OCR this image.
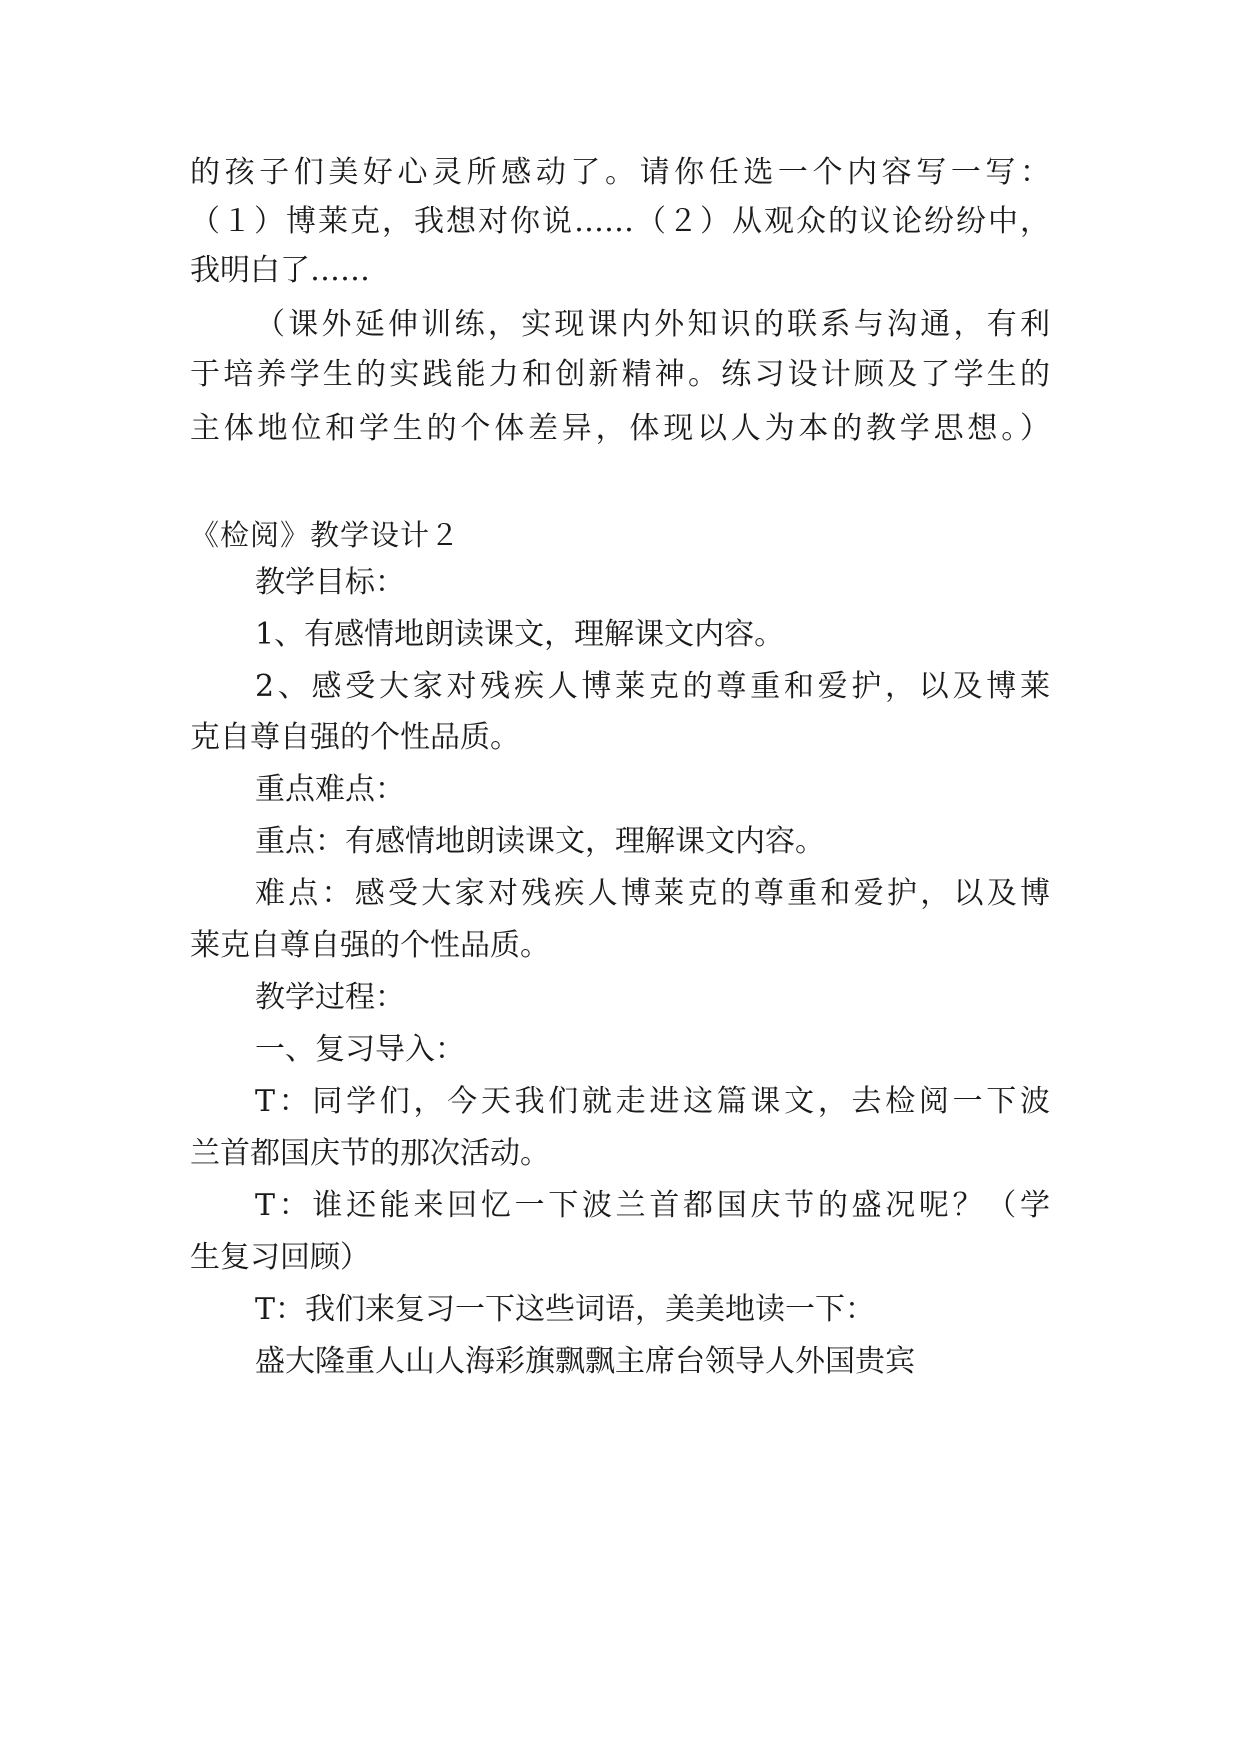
的孩子们美好心灵所感动了。请你任选一个内容写一写：
（１）博莱克，我想对你说……（２）从观众的议论纷纷中，
我明白了……
（课外延伸训练，实现课内外知识的联系与沟通，有利
于培养学生的实践能力和创新精神。练习设计顾及了学生的
主体地位和学生的个体差异，体现以人为本的教学思想。）
《检阅》教学设计２
教学目标：
1、有感情地朗读课文，理解课文内容。
2、感受大家对残疾人博莱克的尊重和爱护，以及博莱
克自尊自强的个性品质。
重点难点：
重点：有感情地朗读课文，理解课文内容。
难点：感受大家对残疾人博莱克的尊重和爱护，以及博
莱克自尊自强的个性品质。
教学过程：
一、复习导入：
T：同学们，今天我们就走进这篇课文，去检阅一下波
兰首都国庆节的那次活动。
T：谁还能来回忆一下波兰首都国庆节的盛况呢？（学
生复习回顾）
T：我们来复习一下这些词语，美美地读一下：
盛大隆重人山人海彩旗飘飘主席台领导人外国贵宾
